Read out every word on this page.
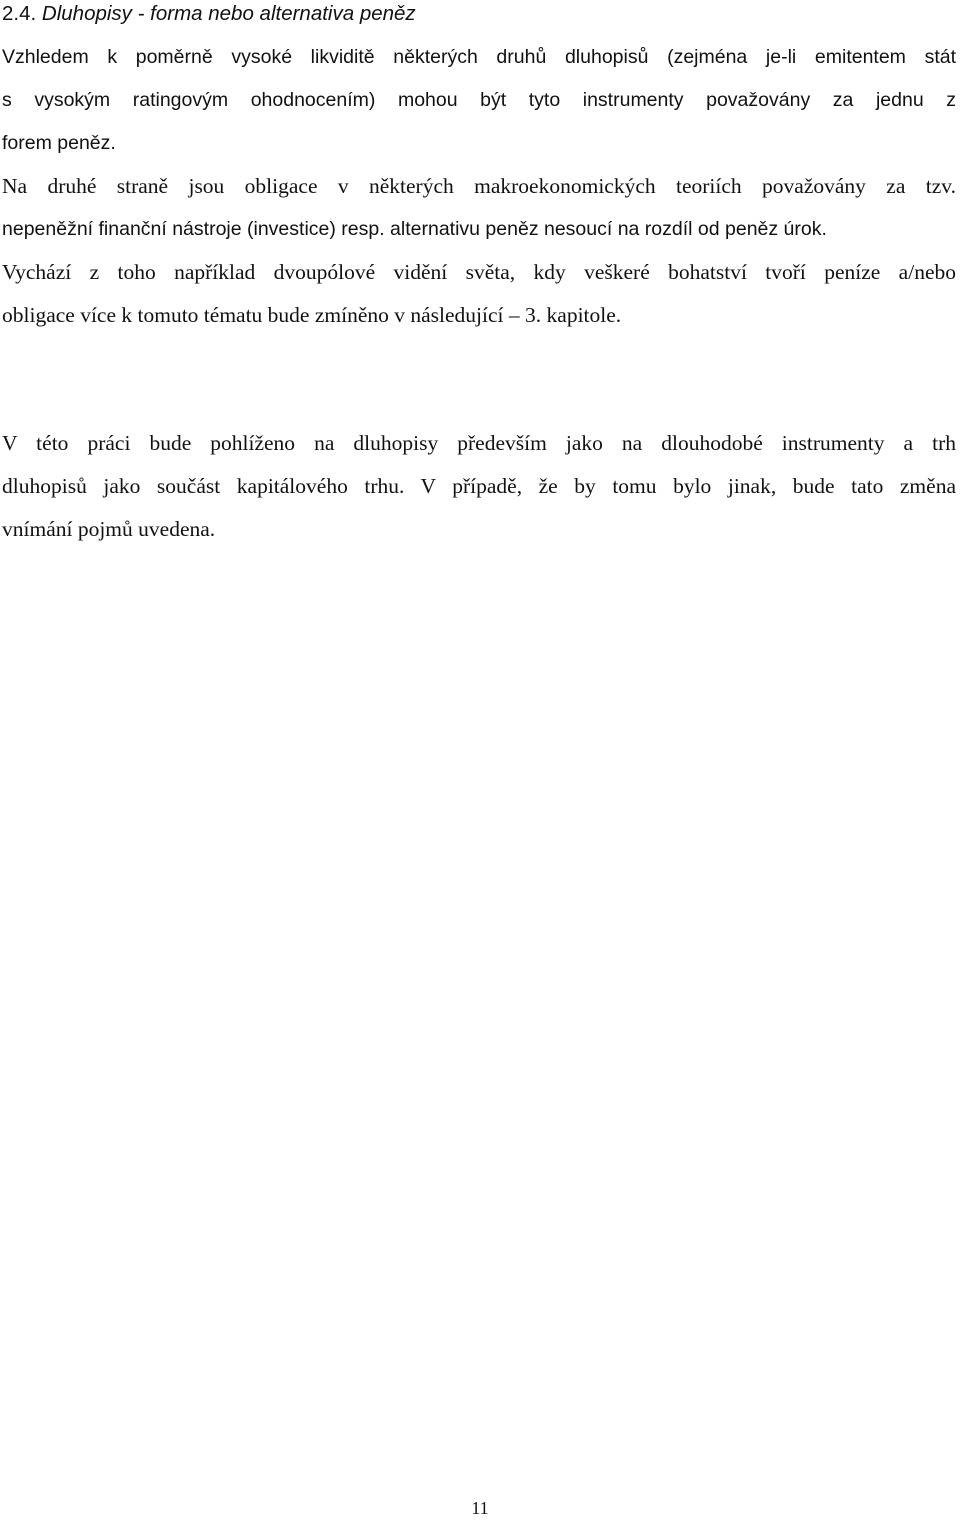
2.4. Dluhopisy - forma nebo alternativa peněz
Vzhledem k poměrně vysoké likviditě některých druhů dluhopisů (zejména je-li emitentem stát
s vysokým ratingovým ohodnocením) mohou být tyto instrumenty považovány za jednu z
forem peněz.
Na druhé straně jsou obligace v některých makroekonomických teoriích považovány za tzv.
nepeněžní finanční nástroje (investice) resp. alternativu peněz nesoucí na rozdíl od peněz úrok.
Vychází z toho například dvoupólové vidění světa, kdy veškeré bohatství tvoří peníze a/nebo
obligace více k tomuto tématu bude zmíněno v následující – 3. kapitole.
V této práci bude pohlíženo na dluhopisy především jako na dlouhodobé instrumenty a trh
dluhopisů jako součást kapitálového trhu. V případě, že by tomu bylo jinak, bude tato změna
vnímání pojmů uvedena.
11
